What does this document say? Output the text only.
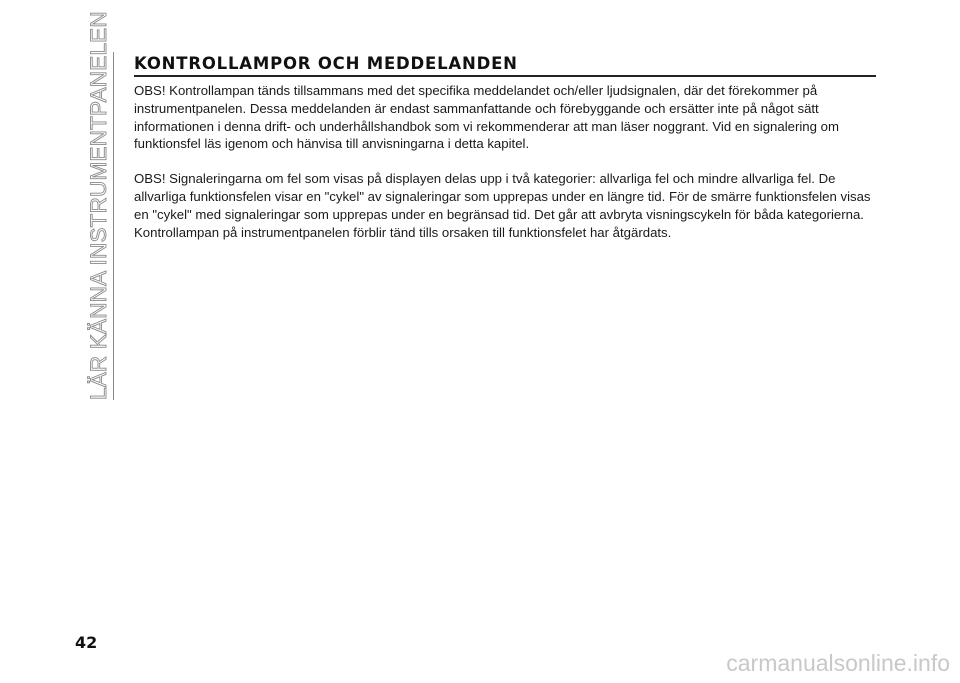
LÄR KÄNNA INSTRUMENTPANELEN KONTROLLAMPOR OCH MEDDELANDEN

OBS! Kontrollampan tänds tillsammans med det specifika meddelandet och/eller ljudsignalen, där det förekommer på
instrumentpanelen. Dessa meddelanden är endast sammanfattande och förebyggande och ersätter inte på något sätt
informationen i denna drift- och underhållshandbok som vi rekommenderar att man läser noggrant. Vid en signalering om
funktionsfel läs igenom och hänvisa till anvisningarna i detta kapitel.

OBS! Signaleringarna om fel som visas på displayen delas upp i två kategorier: allvarliga fel och mindre allvarliga fel. De
allvarliga funktionsfelen visar en "cykel" av signaleringar som upprepas under en längre tid. För de smärre funktionsfelen visas
en "cykel" med signaleringar som upprepas under en begränsad tid. Det går att avbryta visningscykeln för båda kategorierna.
Kontrollampan på instrumentpanelen förblir tänd tills orsaken till funktionsfelet har åtgärdats.

42
carmanualsonline.info
